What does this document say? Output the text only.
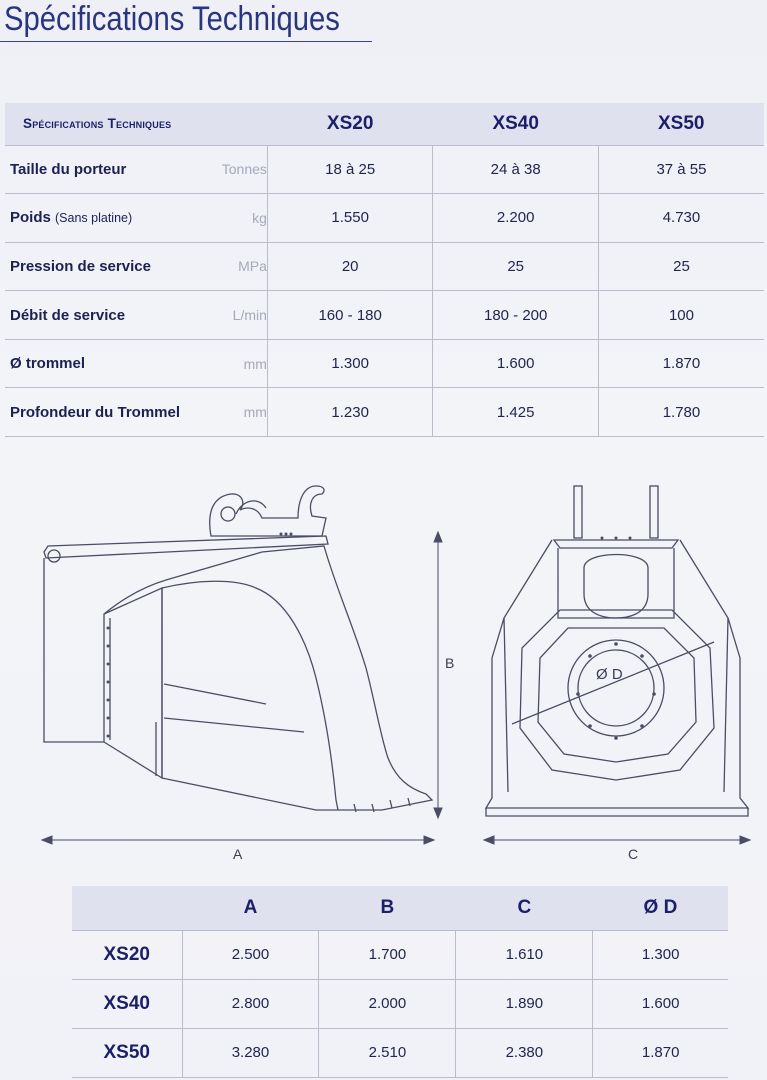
Spécifications Techniques
Spécifications Techniques		XS20	XS40	XS50
Taille du porteur	Tonnes	18 à 25	24 à 38	37 à 55
Poids (Sans platine)	kg	1.550	2.200	4.730
Pression de service	MPa	20	25	25
Débit de service	L/min	160 - 180	180 - 200	100
Ø trommel	mm	1.300	1.600	1.870
Profondeur du Trommel	mm	1.230	1.425	1.780
A
B
Ø D
C
	A	B	C	Ø D
XS20	2.500	1.700	1.610	1.300
XS40	2.800	2.000	1.890	1.600
XS50	3.280	2.510	2.380	1.870
